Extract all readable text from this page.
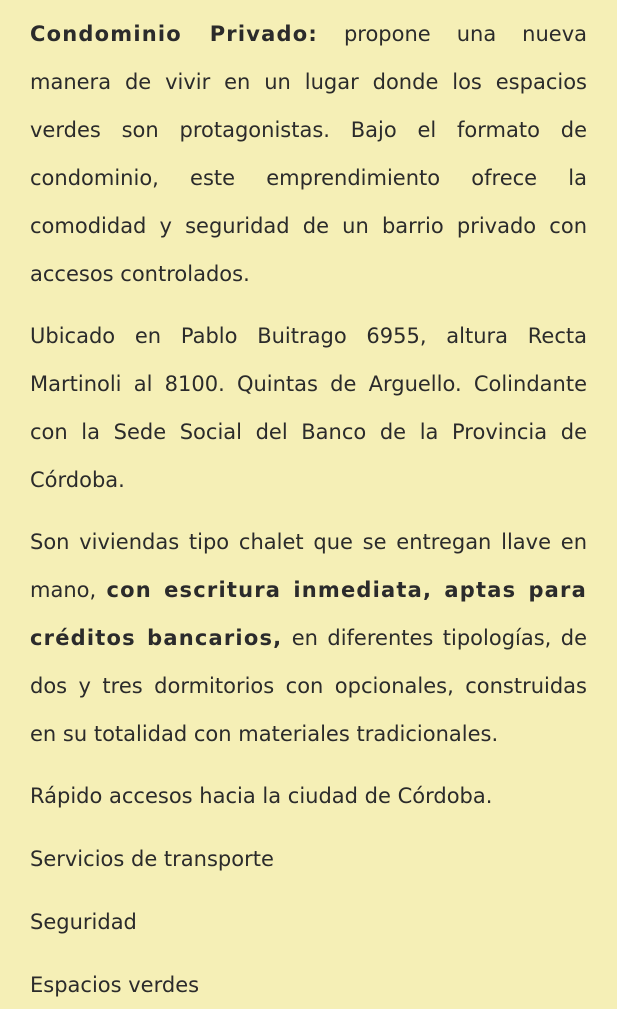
Condominio Privado: propone una nueva manera de vivir en un lugar donde los espacios verdes son protagonistas. Bajo el formato de condominio, este emprendimiento ofrece la comodidad y seguridad de un barrio privado con accesos controlados.

Ubicado en Pablo Buitrago 6955, altura Recta Martinoli al 8100. Quintas de Arguello. Colindante con la Sede Social del Banco de la Provincia de Córdoba.

Son viviendas tipo chalet que se entregan llave en mano, con escritura inmediata, aptas para créditos bancarios, en diferentes tipologías, de dos y tres dormitorios con opcionales, construidas en su totalidad con materiales tradicionales.

Rápido accesos hacia la ciudad de Córdoba.

Servicios de transporte

Seguridad

Espacios verdes
